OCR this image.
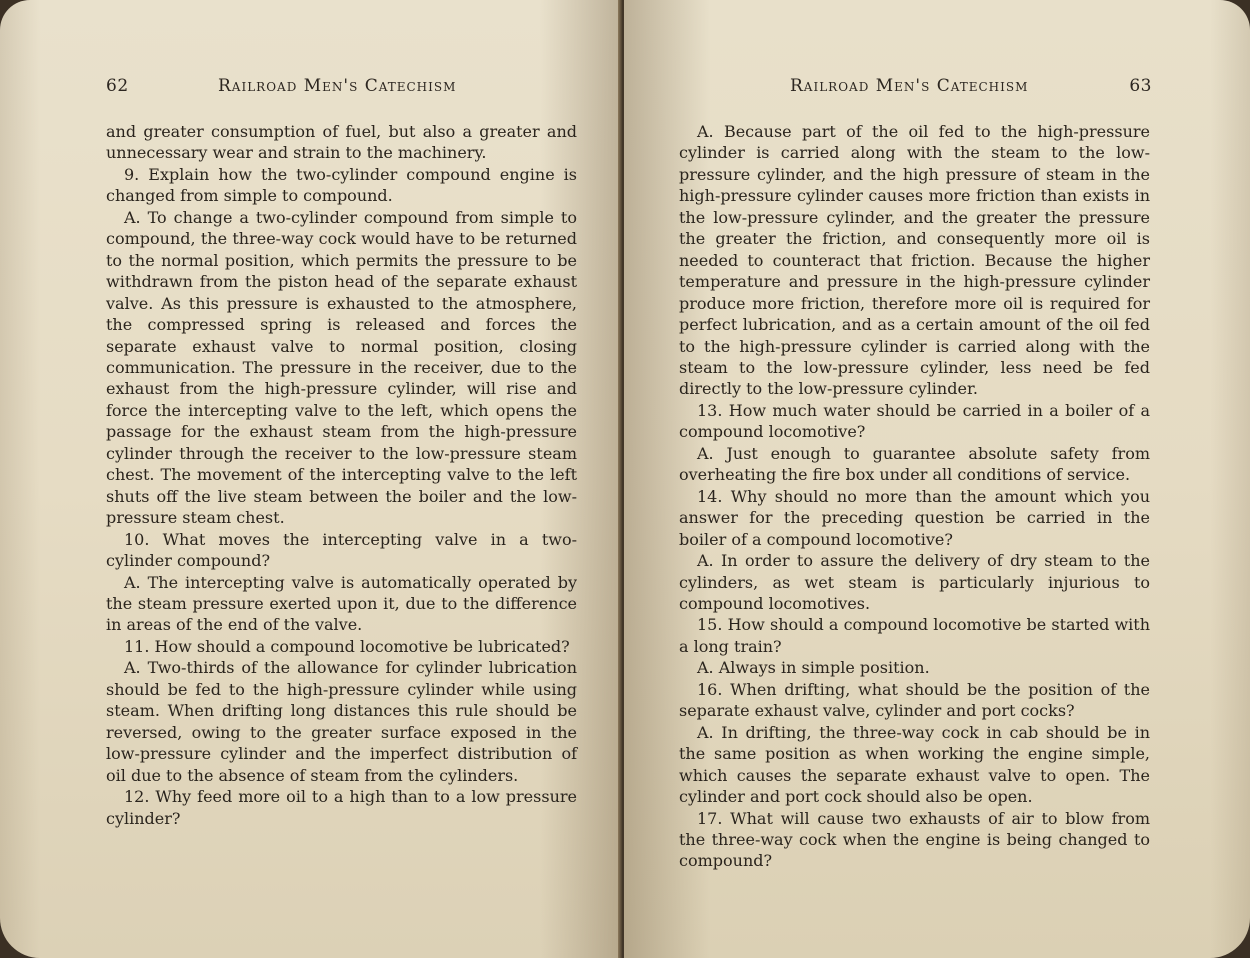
62	Railroad Men's Catechism

and greater consumption of fuel, but also a greater and unnecessary wear and strain to the machinery.

9. Explain how the two-cylinder compound engine is changed from simple to compound.

A. To change a two-cylinder compound from simple to compound, the three-way cock would have to be returned to the normal position, which permits the pressure to be withdrawn from the piston head of the separate exhaust valve. As this pressure is exhausted to the atmosphere, the compressed spring is released and forces the separate exhaust valve to normal position, closing communication. The pressure in the receiver, due to the exhaust from the high-pressure cylinder, will rise and force the intercepting valve to the left, which opens the passage for the exhaust steam from the high-pressure cylinder through the receiver to the low-pressure steam chest. The movement of the intercepting valve to the left shuts off the live steam between the boiler and the low-pressure steam chest.

10. What moves the intercepting valve in a two-cylinder compound?

A. The intercepting valve is automatically operated by the steam pressure exerted upon it, due to the difference in areas of the end of the valve.

11. How should a compound locomotive be lubricated?

A. Two-thirds of the allowance for cylinder lubrication should be fed to the high-pressure cylinder while using steam. When drifting long distances this rule should be reversed, owing to the greater surface exposed in the low-pressure cylinder and the imperfect distribution of oil due to the absence of steam from the cylinders.

12. Why feed more oil to a high than to a low pressure cylinder?

Railroad Men's Catechism	63

A. Because part of the oil fed to the high-pressure cylinder is carried along with the steam to the low-pressure cylinder, and the high pressure of steam in the high-pressure cylinder causes more friction than exists in the low-pressure cylinder, and the greater the pressure the greater the friction, and consequently more oil is needed to counteract that friction. Because the higher temperature and pressure in the high-pressure cylinder produce more friction, therefore more oil is required for perfect lubrication, and as a certain amount of the oil fed to the high-pressure cylinder is carried along with the steam to the low-pressure cylinder, less need be fed directly to the low-pressure cylinder.

13. How much water should be carried in a boiler of a compound locomotive?

A. Just enough to guarantee absolute safety from overheating the fire box under all conditions of service.

14. Why should no more than the amount which you answer for the preceding question be carried in the boiler of a compound locomotive?

A. In order to assure the delivery of dry steam to the cylinders, as wet steam is particularly injurious to compound locomotives.

15. How should a compound locomotive be started with a long train?

A. Always in simple position.

16. When drifting, what should be the position of the separate exhaust valve, cylinder and port cocks?

A. In drifting, the three-way cock in cab should be in the same position as when working the engine simple, which causes the separate exhaust valve to open. The cylinder and port cock should also be open.

17. What will cause two exhausts of air to blow from the three-way cock when the engine is being changed to compound?
